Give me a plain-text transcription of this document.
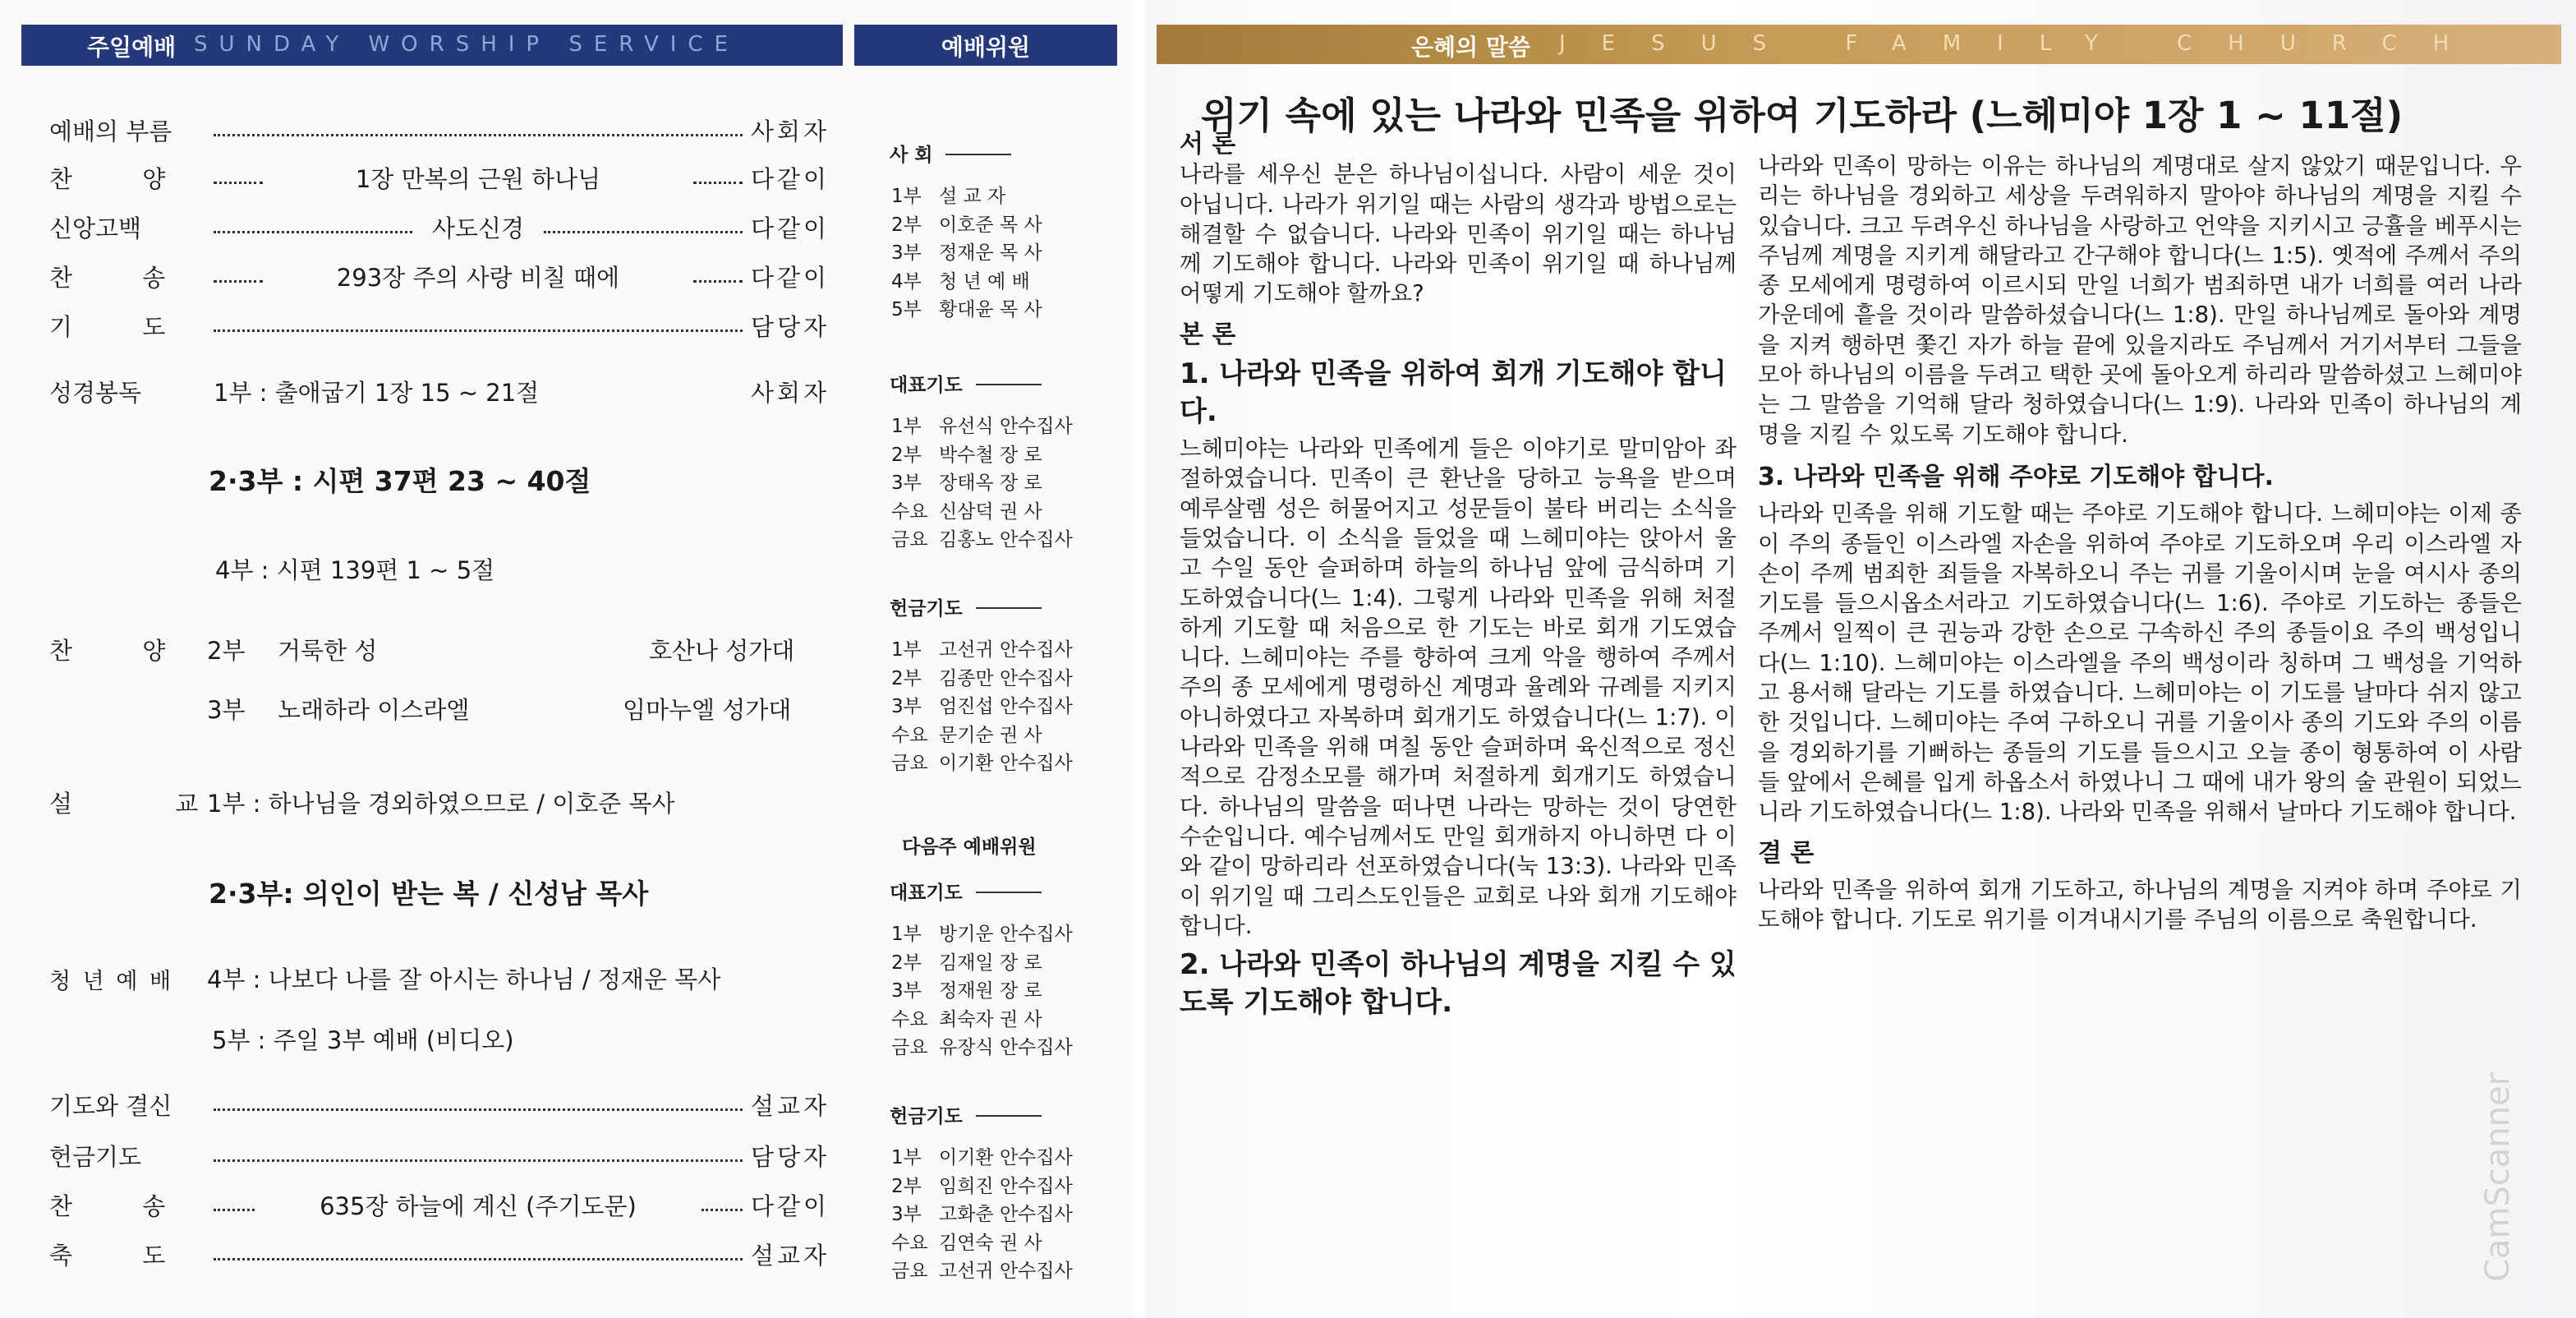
주일예배 SUNDAY WORSHIP SERVICE	예배위원	은혜의 말씀 JESUS FAMILY CHURCH
예배의 부름	사회자
찬 양	1장 만복의 근원 하나님	다같이
신앙고백	사도신경	다같이
찬 송	293장 주의 사랑 비칠 때에	다같이
기 도	담당자
성경봉독	1부 : 출애굽기 1장 15 ~ 21절	사회자
2·3부 : 시편 37편 23 ~ 40절
4부 : 시편 139편 1 ~ 5절
찬 양 2부 거룩한 성	호산나 성가대
3부 노래하라 이스라엘	임마누엘 성가대
설 교
1부 : 하나님을 경외하였으므로 / 이호준 목사
2·3부: 의인이 받는 복 / 신성남 목사
청 년 예 배 4부 : 나보다 나를 잘 아시는 하나님 / 정재운 목사
5부 : 주일 3부 예배 (비디오)
기도와 결신	설교자
헌금기도	담당자
찬 송	635장 하늘에 계신 (주기도문)	다같이
축 도	설교자
사 회
1부 설 교 자
2부 이호준 목 사
3부 정재운 목 사
4부 청 년 예 배
5부 황대윤 목 사
대표기도
1부 유선식 안수집사
2부 박수철 장 로
3부 장태옥 장 로
수요 신삼덕 권 사
금요 김홍노 안수집사
헌금기도
1부 고선귀 안수집사
2부 김종만 안수집사
3부 엄진섭 안수집사
수요 문기순 권 사
금요 이기환 안수집사
대표기도
1부 방기운 안수집사
2부 김재일 장 로
3부 정재원 장 로
수요 최숙자 권 사
금요 유장식 안수집사
헌금기도
1부 이기환 안수집사
2부 임희진 안수집사
3부 고화춘 안수집사
수요 김연숙 권 사
금요 고선귀 안수집사
다음주 예배위원
위기 속에 있는 나라와 민족을 위하여 기도하라 (느헤미야 1장 1 ~ 11절)
서 론

나라를 세우신 분은 하나님이십니다. 사람이 세운 것이 아닙니다. 나라가 위기일 때는 사람의 생각과 방법으로는 해결할 수 없습니다. 나라와 민족이 위기일 때는 하나님께 기도해야 합니다. 나라와 민족이 위기일 때 하나님께 어떻게 기도해야 할까요?

본 론
1. 나라와 민족을 위하여 회개 기도해야 합니다.

느헤미야는 나라와 민족에게 들은 이야기로 말미암아 좌절하였습니다. 민족이 큰 환난을 당하고 능욕을 받으며 예루살렘 성은 허물어지고 성문들이 불타 버리는 소식을 들었습니다. 이 소식을 들었을 때 느헤미야는 앉아서 울고 수일 동안 슬퍼하며 하늘의 하나님 앞에 금식하며 기도하였습니다(느 1:4). 그렇게 나라와 민족을 위해 처절하게 기도할 때 처음으로 한 기도는 바로 회개 기도였습니다. 느헤미야는 주를 향하여 크게 악을 행하여 주께서 주의 종 모세에게 명령하신 계명과 율례와 규례를 지키지 아니하였다고 자복하며 회개기도 하였습니다(느 1:7). 이 나라와 민족을 위해 며칠 동안 슬퍼하며 육신적으로 정신적으로 감정소모를 해가며 처절하게 회개기도 하였습니다. 하나님의 말씀을 떠나면 나라는 망하는 것이 당연한 수순입니다. 예수님께서도 만일 회개하지 아니하면 다 이와 같이 망하리라 선포하였습니다(눅 13:3). 나라와 민족이 위기일 때 그리스도인들은 교회로 나와 회개 기도해야 합니다.

2. 나라와 민족이 하나님의 계명을 지킬 수 있도록 기도해야 합니다.

나라와 민족이 망하는 이유는 하나님의 계명대로 살지 않았기 때문입니다. 우리는 하나님을 경외하고 세상을 두려워하지 말아야 하나님의 계명을 지킬 수 있습니다. 크고 두려우신 하나님을 사랑하고 언약을 지키시고 긍휼을 베푸시는 주님께 계명을 지키게 해달라고 간구해야 합니다(느 1:5). 옛적에 주께서 주의 종 모세에게 명령하여 이르시되 만일 너희가 범죄하면 내가 너희를 여러 나라 가운데에 흩을 것이라 말씀하셨습니다(느 1:8). 만일 하나님께로 돌아와 계명을 지켜 행하면 쫓긴 자가 하늘 끝에 있을지라도 주님께서 거기서부터 그들을 모아 하나님의 이름을 두려고 택한 곳에 돌아오게 하리라 말씀하셨고 느헤미야는 그 말씀을 기억해 달라 청하였습니다(느 1:9). 나라와 민족이 하나님의 계명을 지킬 수 있도록 기도해야 합니다.

3. 나라와 민족을 위해 주야로 기도해야 합니다.

나라와 민족을 위해 기도할 때는 주야로 기도해야 합니다. 느헤미야는 이제 종이 주의 종들인 이스라엘 자손을 위하여 주야로 기도하오며 우리 이스라엘 자손이 주께 범죄한 죄들을 자복하오니 주는 귀를 기울이시며 눈을 여시사 종의 기도를 들으시옵소서라고 기도하였습니다(느 1:6). 주야로 기도하는 종들은 주께서 일찍이 큰 권능과 강한 손으로 구속하신 주의 종들이요 주의 백성입니다(느 1:10). 느헤미야는 이스라엘을 주의 백성이라 칭하며 그 백성을 기억하고 용서해 달라는 기도를 하였습니다. 느헤미야는 이 기도를 날마다 쉬지 않고 한 것입니다. 느헤미야는 주여 구하오니 귀를 기울이사 종의 기도와 주의 이름을 경외하기를 기뻐하는 종들의 기도를 들으시고 오늘 종이 형통하여 이 사람들 앞에서 은혜를 입게 하옵소서 하였나니 그 때에 내가 왕의 술 관원이 되었느니라 기도하였습니다(느 1:8). 나라와 민족을 위해서 날마다 기도해야 합니다.

결 론

나라와 민족을 위하여 회개 기도하고, 하나님의 계명을 지켜야 하며 주야로 기도해야 합니다. 기도로 위기를 이겨내시기를 주님의 이름으로 축원합니다.

CamScanner
